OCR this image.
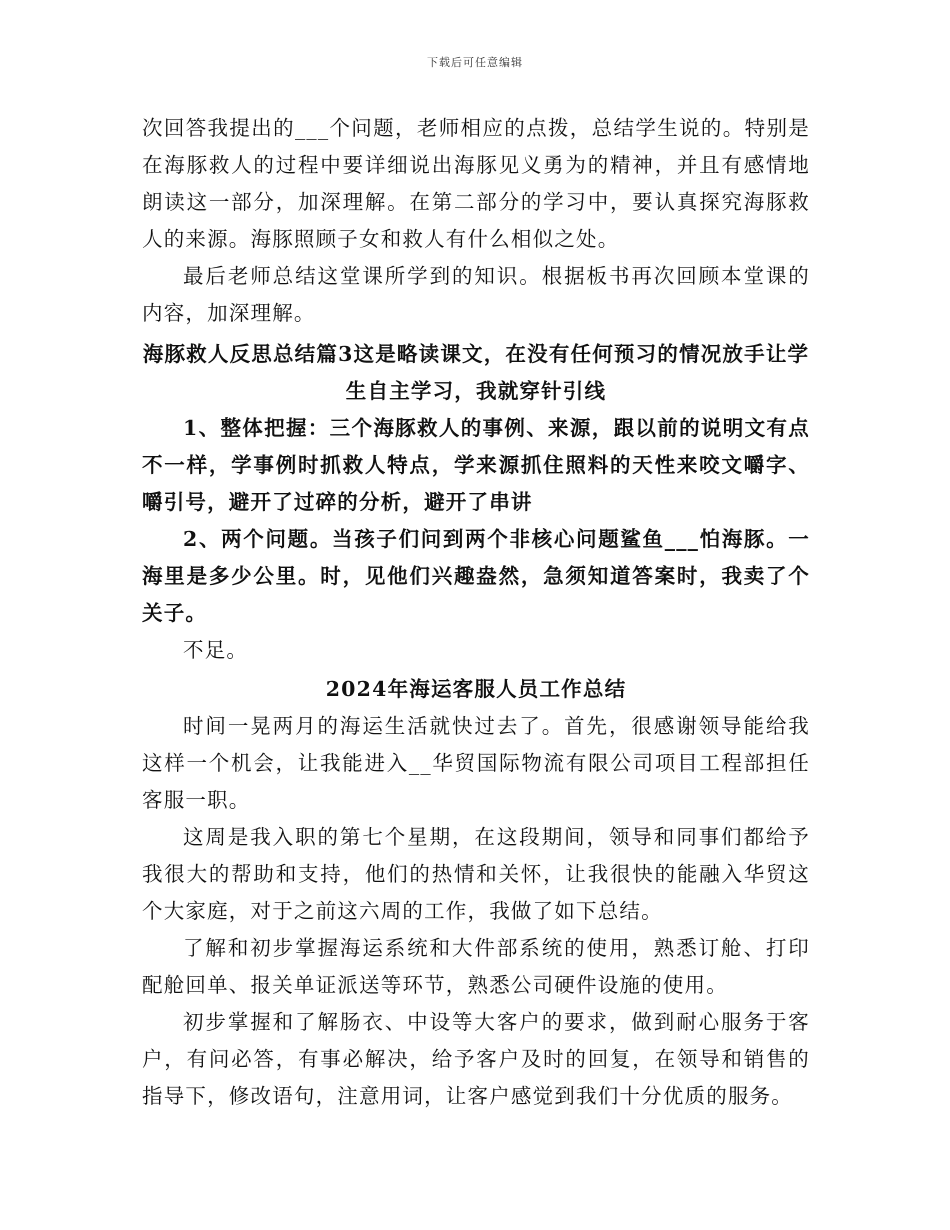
下载后可任意编辑

次回答我提出的___个问题，老师相应的点拨，总结学生说的。特别是在海豚救人的过程中要详细说出海豚见义勇为的精神，并且有感情地朗读这一部分，加深理解。在第二部分的学习中，要认真探究海豚救人的来源。海豚照顾子女和救人有什么相似之处。

最后老师总结这堂课所学到的知识。根据板书再次回顾本堂课的内容，加深理解。

海豚救人反思总结篇3这是略读课文，在没有任何预习的情况放手让学生自主学习，我就穿针引线

1、整体把握：三个海豚救人的事例、来源，跟以前的说明文有点不一样，学事例时抓救人特点，学来源抓住照料的天性来咬文嚼字、嚼引号，避开了过碎的分析，避开了串讲

2、两个问题。当孩子们问到两个非核心问题鲨鱼___怕海豚。一海里是多少公里。时，见他们兴趣盎然，急须知道答案时，我卖了个关子。

不足。

2024年海运客服人员工作总结

时间一晃两月的海运生活就快过去了。首先，很感谢领导能给我这样一个机会，让我能进入__华贸国际物流有限公司项目工程部担任客服一职。

这周是我入职的第七个星期，在这段期间，领导和同事们都给予我很大的帮助和支持，他们的热情和关怀，让我很快的能融入华贸这个大家庭，对于之前这六周的工作，我做了如下总结。

了解和初步掌握海运系统和大件部系统的使用，熟悉订舱、打印配舱回单、报关单证派送等环节，熟悉公司硬件设施的使用。

初步掌握和了解肠衣、中设等大客户的要求，做到耐心服务于客户，有问必答，有事必解决，给予客户及时的回复，在领导和销售的指导下，修改语句，注意用词，让客户感觉到我们十分优质的服务。
